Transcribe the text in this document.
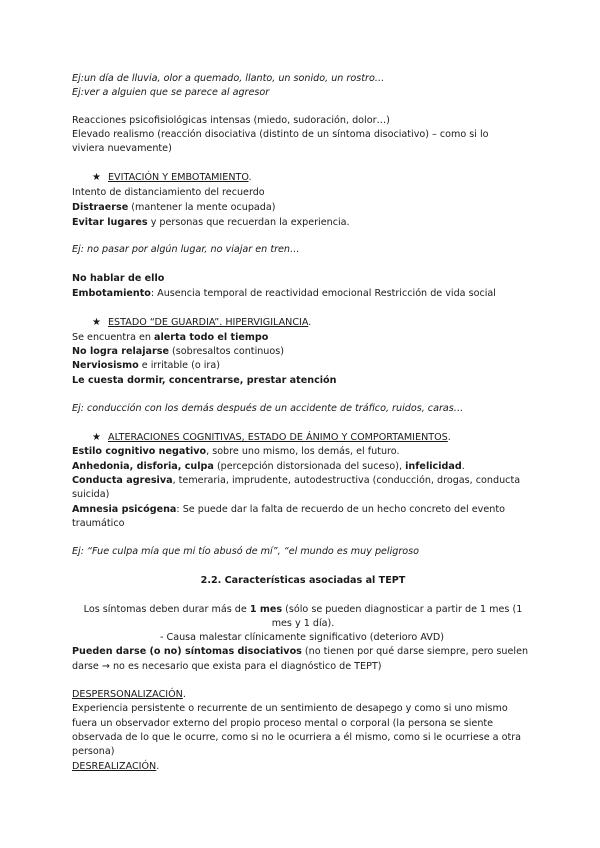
Ej:un día de lluvia, olor a quemado, llanto, un sonido, un rostro…
Ej:ver a alguien que se parece al agresor
Reacciones psicofisiológicas intensas (miedo, sudoración, dolor…)
Elevado realismo (reacción disociativa (distinto de un síntoma disociativo) – como si lo
viviera nuevamente)
★ EVITACIÓN Y EMBOTAMIENTO.
Intento de distanciamiento del recuerdo
Distraerse (mantener la mente ocupada)
Evitar lugares y personas que recuerdan la experiencia.
Ej: no pasar por algún lugar, no viajar en tren…
No hablar de ello
Embotamiento: Ausencia temporal de reactividad emocional Restricción de vida social
★ ESTADO “DE GUARDIA”. HIPERVIGILANCIA.
Se encuentra en alerta todo el tiempo
No logra relajarse (sobresaltos continuos)
Nerviosismo e irritable (o ira)
Le cuesta dormir, concentrarse, prestar atención
Ej: conducción con los demás después de un accidente de tráfico, ruidos, caras…
★ ALTERACIONES COGNITIVAS, ESTADO DE ÁNIMO Y COMPORTAMIENTOS.
Estilo cognitivo negativo, sobre uno mismo, los demás, el futuro.
Anhedonia, disforia, culpa (percepción distorsionada del suceso), infelicidad.
Conducta agresiva, temeraria, imprudente, autodestructiva (conducción, drogas, conducta
suicida)
Amnesia psicógena: Se puede dar la falta de recuerdo de un hecho concreto del evento
traumático
Ej: “Fue culpa mía que mi tío abusó de mí”, “el mundo es muy peligroso
2.2. Características asociadas al TEPT
Los síntomas deben durar más de 1 mes (sólo se pueden diagnosticar a partir de 1 mes (1
mes y 1 día).
- Causa malestar clínicamente significativo (deterioro AVD)
Pueden darse (o no) síntomas disociativos (no tienen por qué darse siempre, pero suelen
darse → no es necesario que exista para el diagnóstico de TEPT)
DESPERSONALIZACIÓN.
Experiencia persistente o recurrente de un sentimiento de desapego y como si uno mismo
fuera un observador externo del propio proceso mental o corporal (la persona se siente
observada de lo que le ocurre, como si no le ocurriera a él mismo, como si le ocurriese a otra
persona)
DESREALIZACIÓN.
